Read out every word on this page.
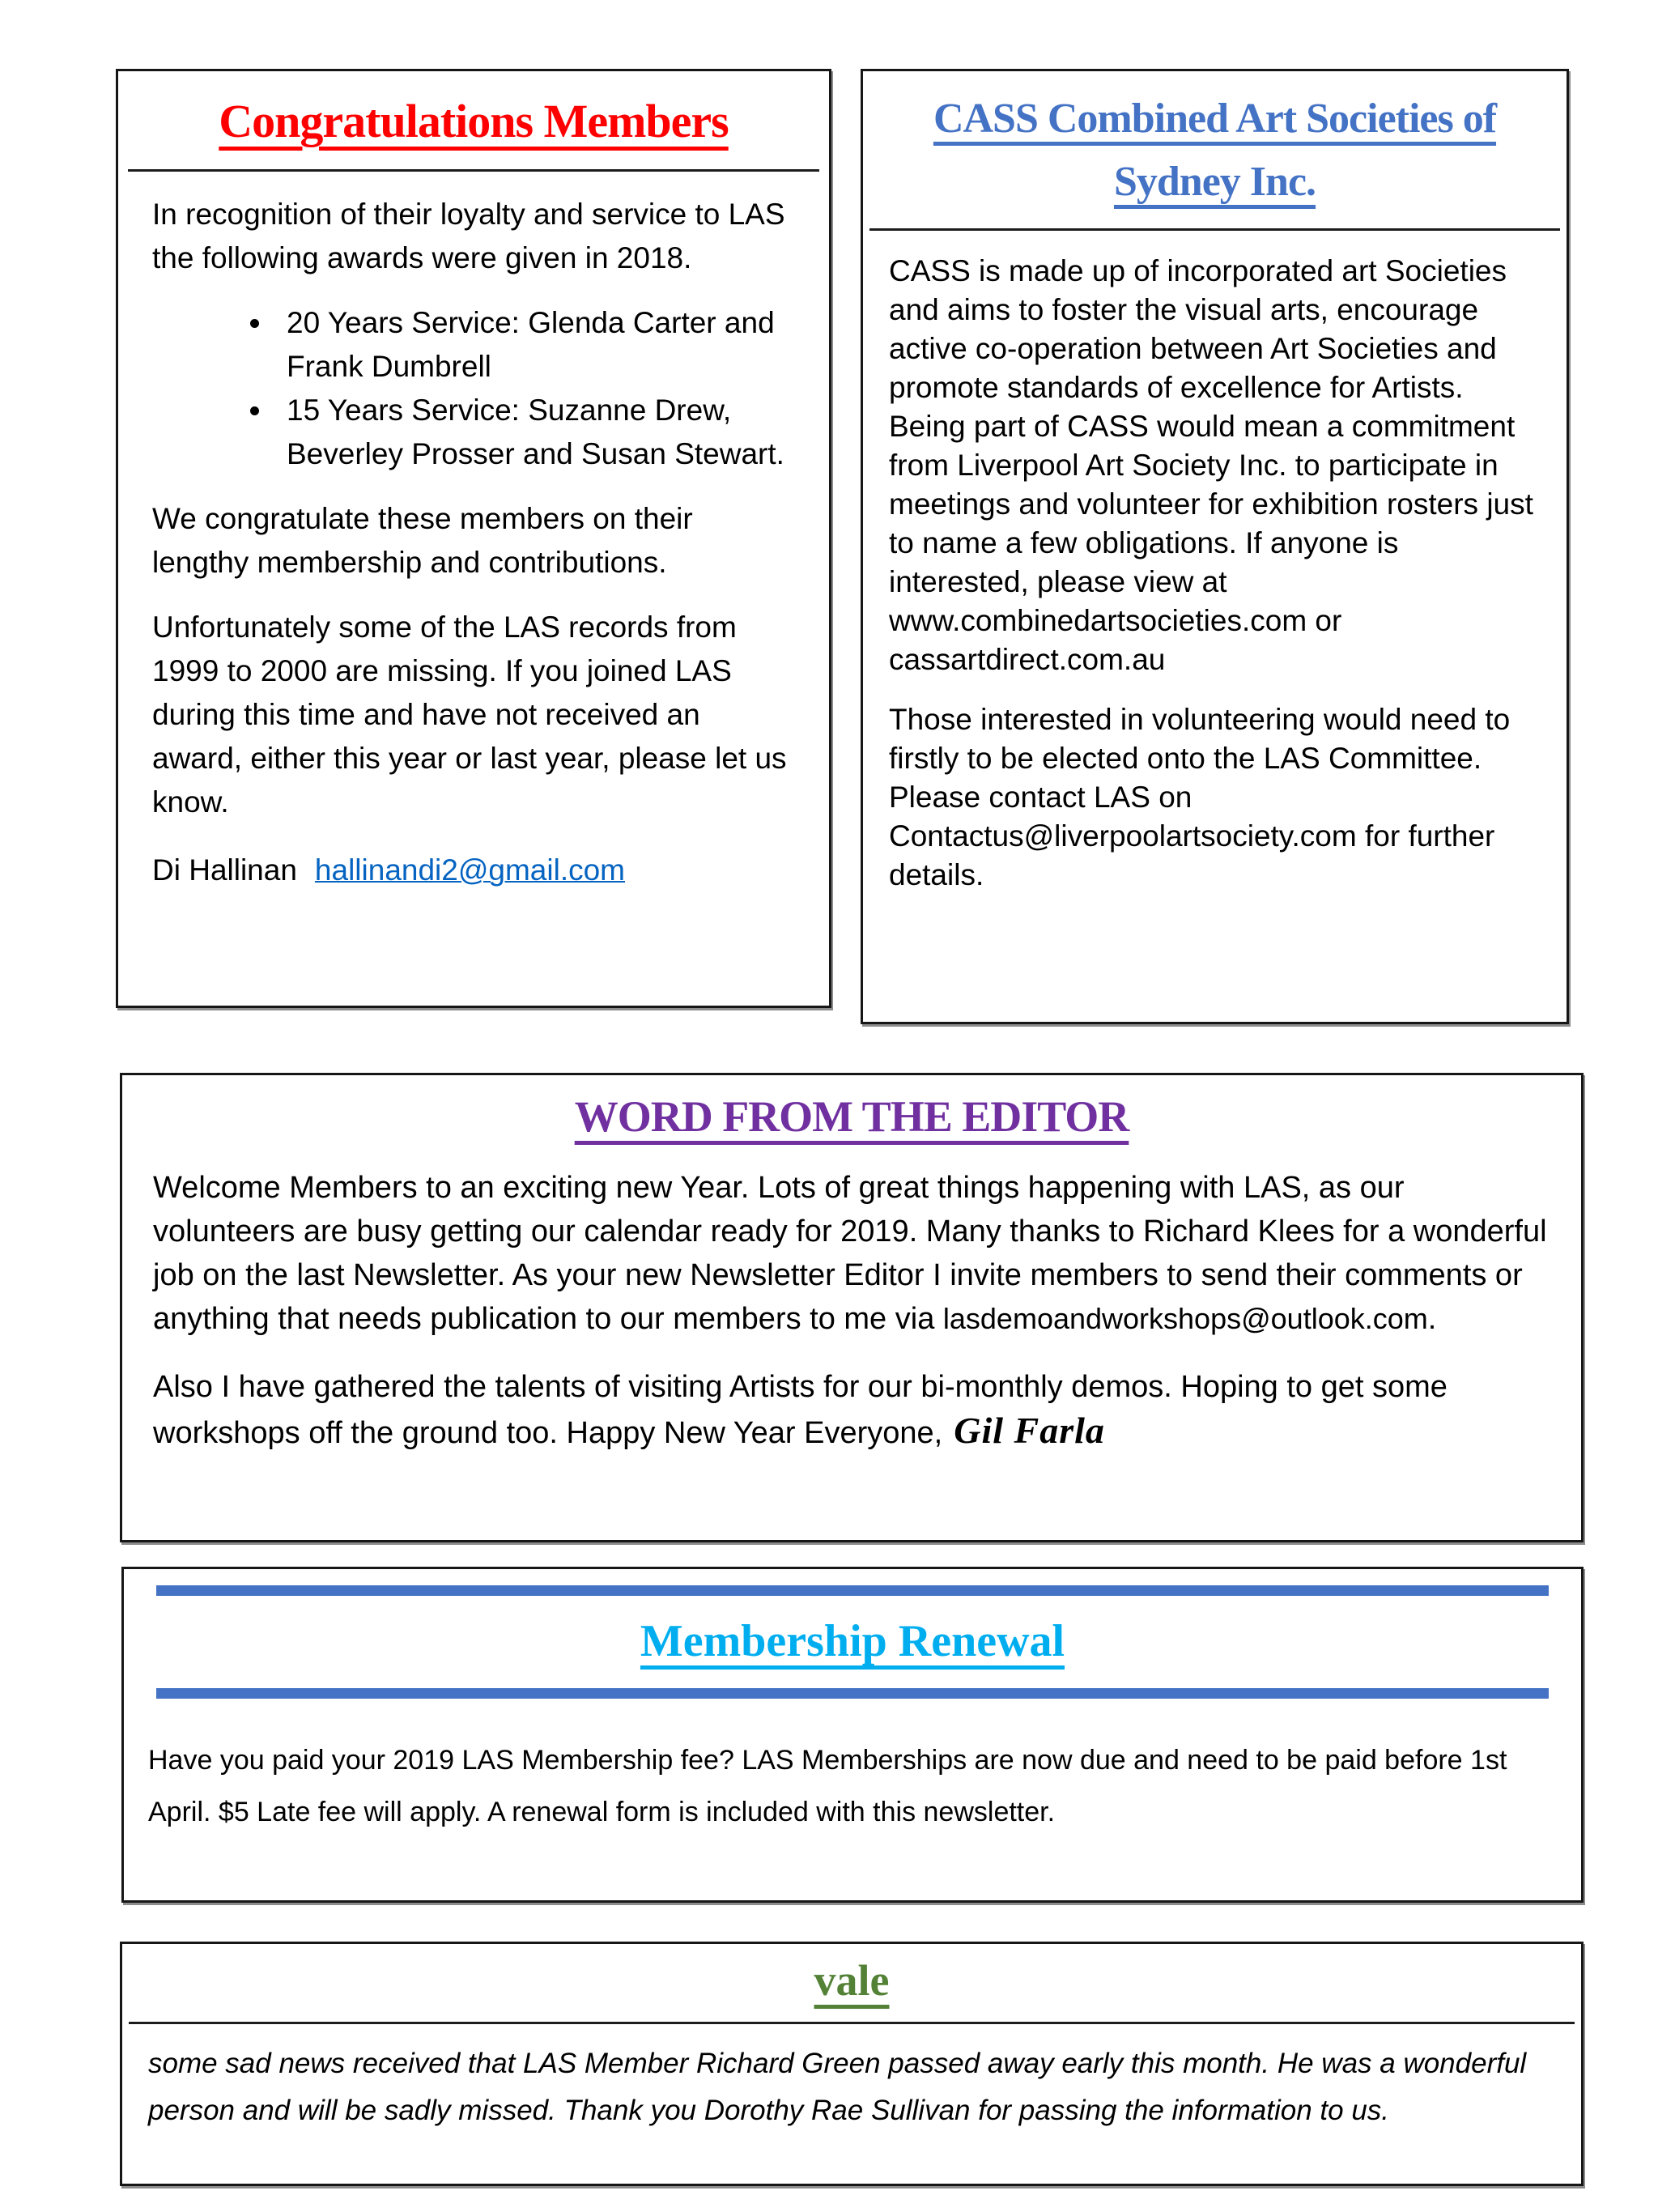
Congratulations Members

In recognition of their loyalty and service to LAS the following awards were given in 2018.

• 20 Years Service: Glenda Carter and Frank Dumbrell
• 15 Years Service: Suzanne Drew, Beverley Prosser and Susan Stewart.

We congratulate these members on their lengthy membership and contributions.

Unfortunately some of the LAS records from 1999 to 2000 are missing. If you joined LAS during this time and have not received an award, either this year or last year, please let us know.

Di Hallinan hallinandi2@gmail.com

CASS Combined Art Societies of Sydney Inc.

CASS is made up of incorporated art Societies and aims to foster the visual arts, encourage active co-operation between Art Societies and promote standards of excellence for Artists. Being part of CASS would mean a commitment from Liverpool Art Society Inc. to participate in meetings and volunteer for exhibition rosters just to name a few obligations. If anyone is interested, please view at www.combinedartsocieties.com or cassartdirect.com.au

Those interested in volunteering would need to firstly to be elected onto the LAS Committee. Please contact LAS on Contactus@liverpoolartsociety.com for further details.

WORD FROM THE EDITOR

Welcome Members to an exciting new Year. Lots of great things happening with LAS, as our volunteers are busy getting our calendar ready for 2019. Many thanks to Richard Klees for a wonderful job on the last Newsletter. As your new Newsletter Editor I invite members to send their comments or anything that needs publication to our members to me via lasdemoandworkshops@outlook.com.

Also I have gathered the talents of visiting Artists for our bi-monthly demos. Hoping to get some workshops off the ground too. Happy New Year Everyone, Gil Farla

Membership Renewal
Have you paid your 2019 LAS Membership fee? LAS Memberships are now due and need to be paid before 1st April. $5 Late fee will apply. A renewal form is included with this newsletter.
vale
some sad news received that LAS Member Richard Green passed away early this month. He was a wonderful person and will be sadly missed. Thank you Dorothy Rae Sullivan for passing the information to us.
